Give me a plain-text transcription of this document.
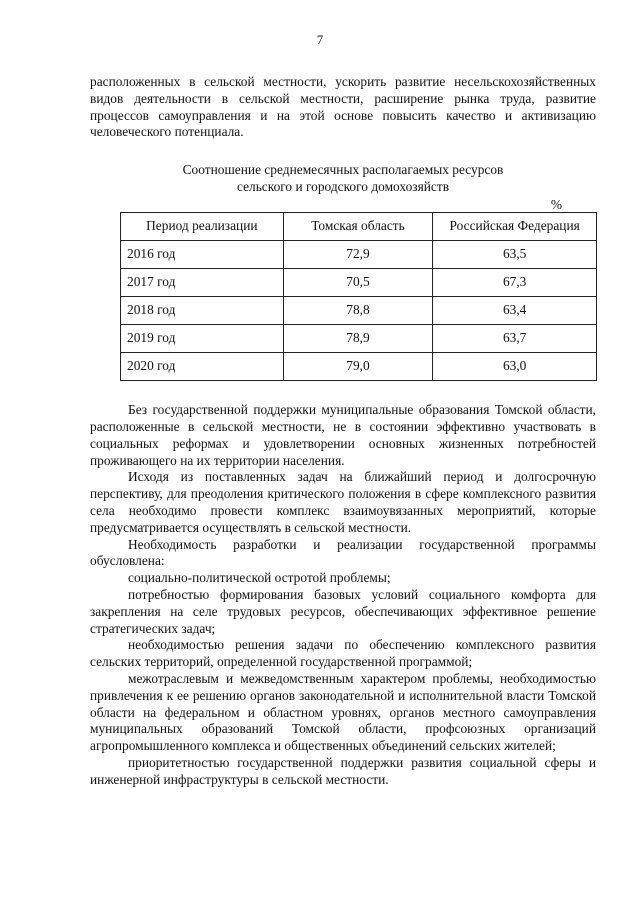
7

расположенных в сельской местности, ускорить развитие несельскохозяйственных видов деятельности в сельской местности, расширение рынка труда, развитие процессов самоуправления и на этой основе повысить качество и активизацию человеческого потенциала.

Соотношение среднемесячных располагаемых ресурсов
сельского и городского домохозяйств
%
Период реализации	Томская область	Российская Федерация
2016 год	72,9	63,5
2017 год	70,5	67,3
2018 год	78,8	63,4
2019 год	78,9	63,7
2020 год	79,0	63,0

Без государственной поддержки муниципальные образования Томской области, расположенные в сельской местности, не в состоянии эффективно участвовать в социальных реформах и удовлетворении основных жизненных потребностей проживающего на их территории населения.

Исходя из поставленных задач на ближайший период и долгосрочную перспективу, для преодоления критического положения в сфере комплексного развития села необходимо провести комплекс взаимоувязанных мероприятий, которые предусматривается осуществлять в сельской местности.

Необходимость разработки и реализации государственной программы обусловлена:

социально-политической остротой проблемы;

потребностью формирования базовых условий социального комфорта для закрепления на селе трудовых ресурсов, обеспечивающих эффективное решение стратегических задач;

необходимостью решения задачи по обеспечению комплексного развития сельских территорий, определенной государственной программой;

межотраслевым и межведомственным характером проблемы, необходимостью привлечения к ее решению органов законодательной и исполнительной власти Томской области на федеральном и областном уровнях, органов местного самоуправления муниципальных образований Томской области, профсоюзных организаций агропромышленного комплекса и общественных объединений сельских жителей;

приоритетностью государственной поддержки развития социальной сферы и инженерной инфраструктуры в сельской местности.
